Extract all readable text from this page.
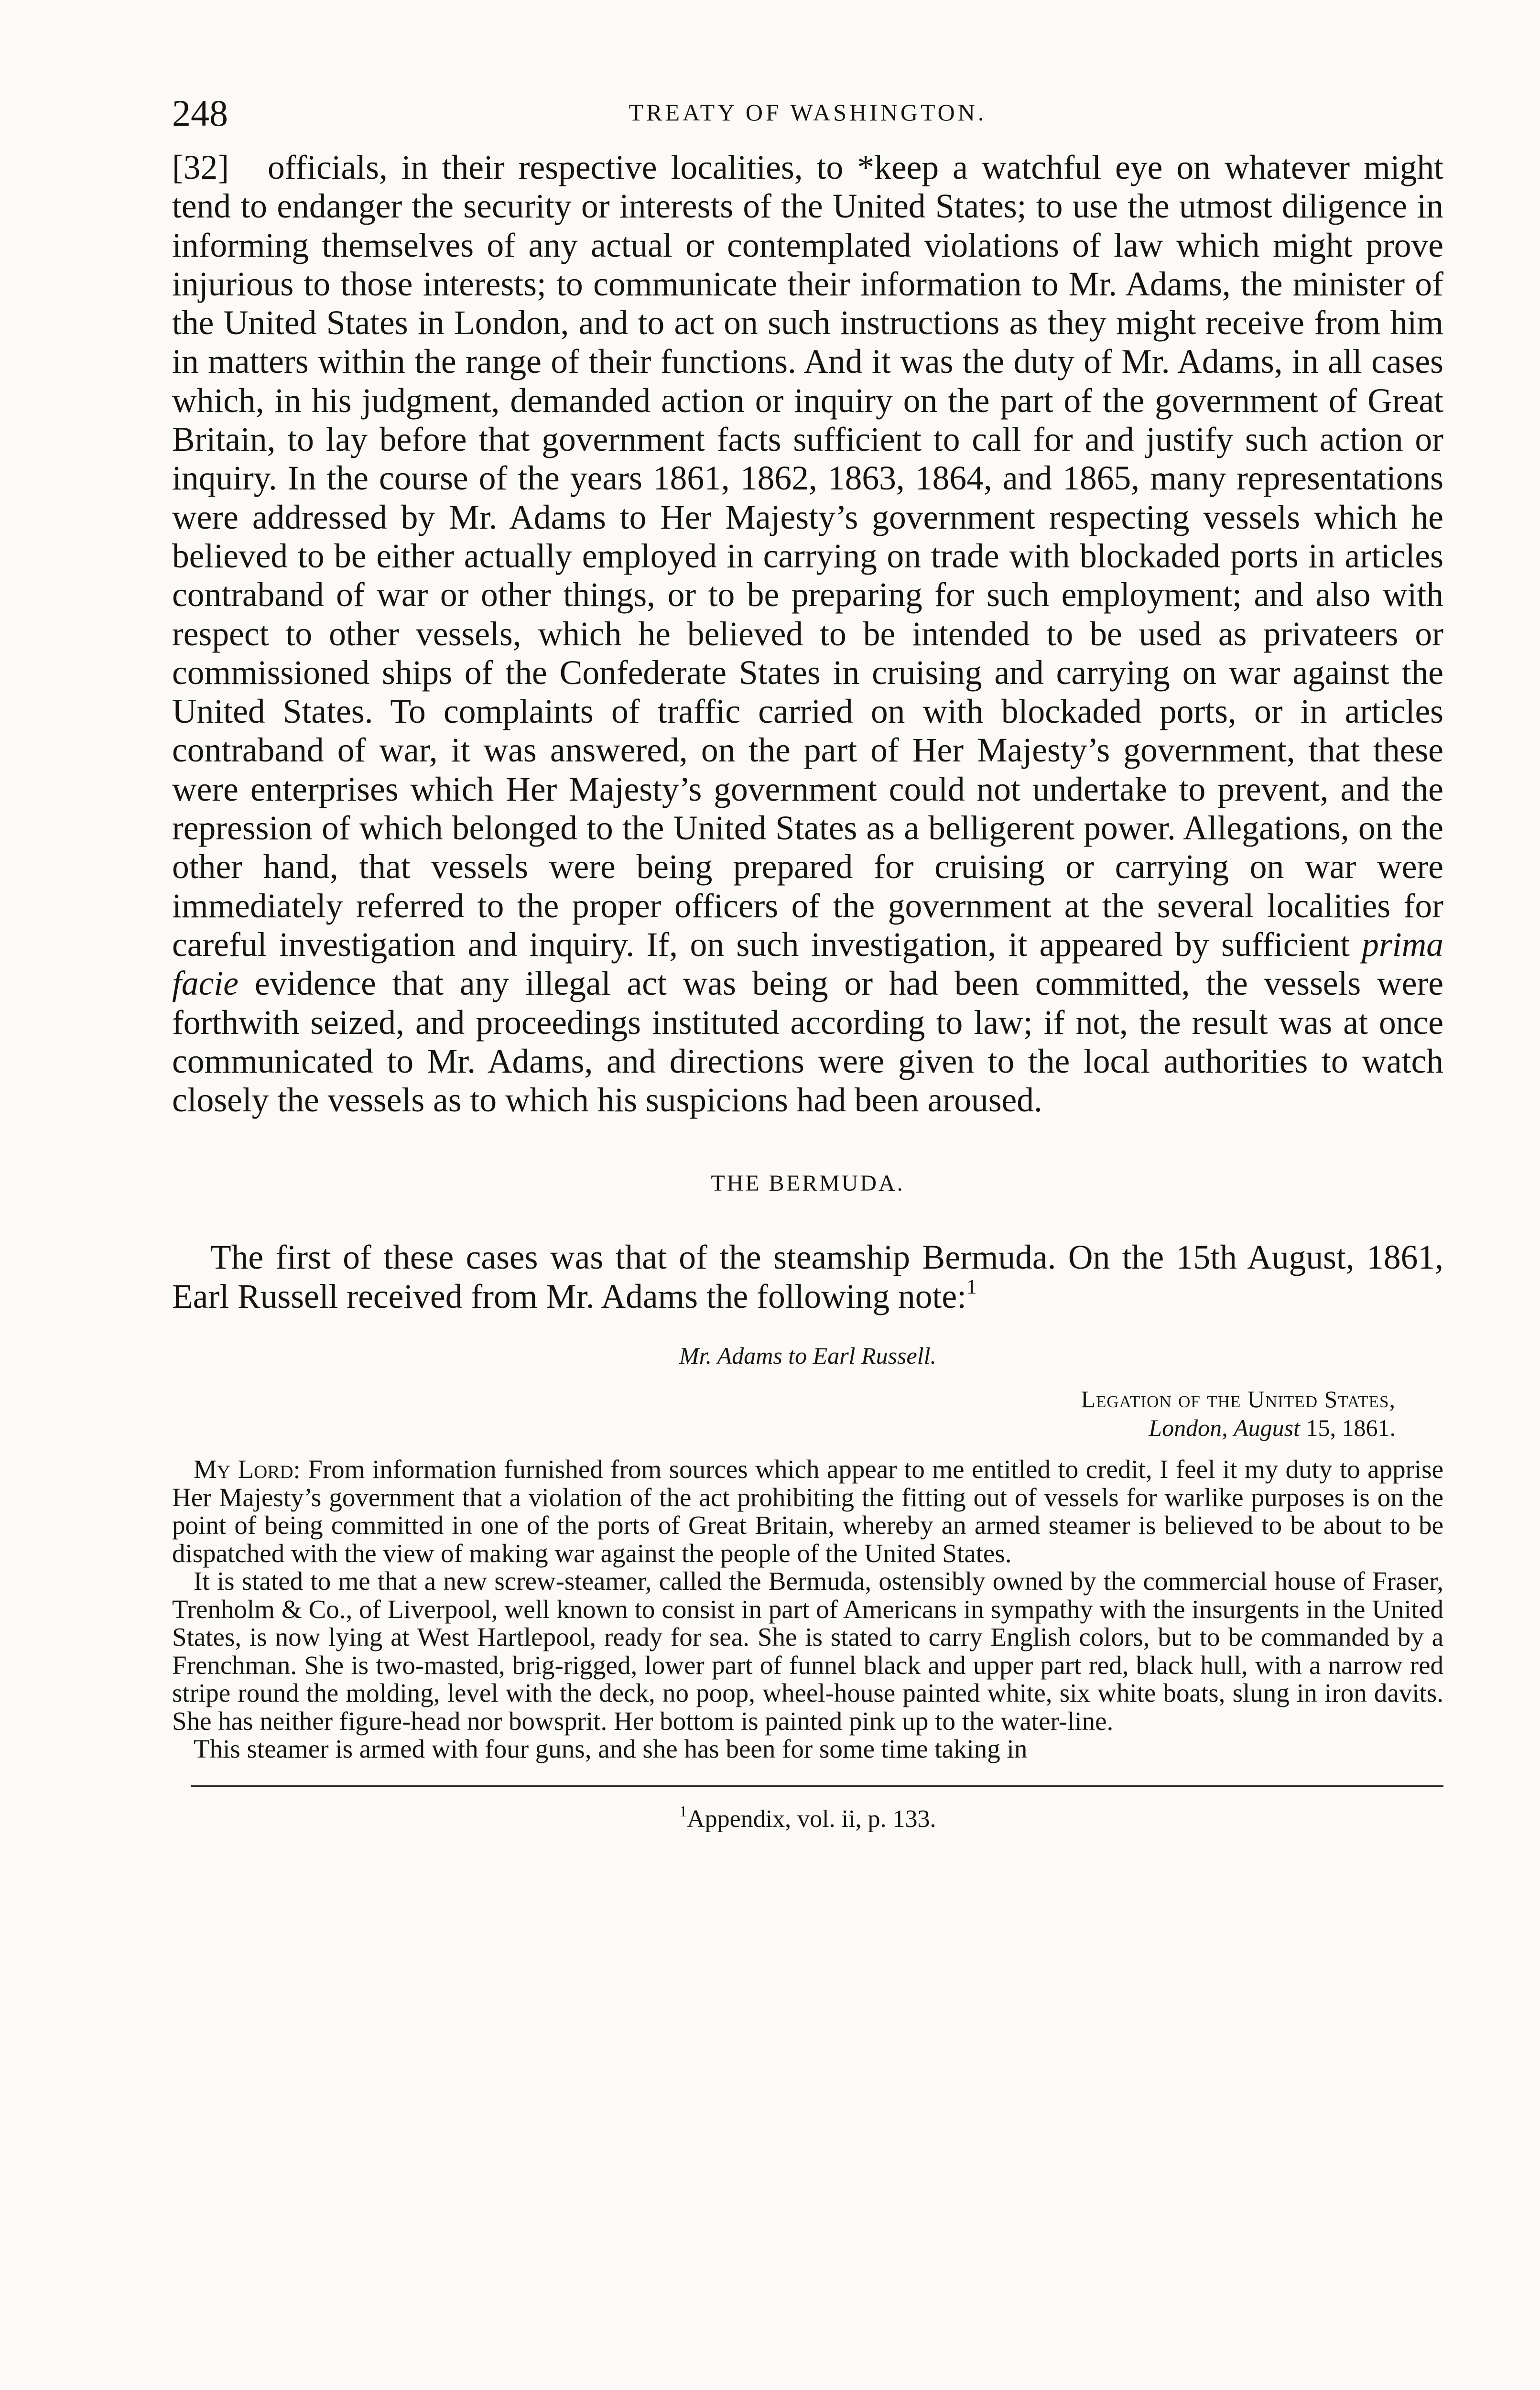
248	TREATY OF WASHINGTON.

[32]	officials, in their respective localities, to *keep a watchful eye on whatever might tend to endanger the security or interests of the United States; to use the utmost diligence in informing themselves of any actual or contemplated violations of law which might prove injurious to those interests; to communicate their information to Mr. Adams, the minister of the United States in London, and to act on such instructions as they might receive from him in matters within the range of their functions. And it was the duty of Mr. Adams, in all cases which, in his judgment, demanded action or inquiry on the part of the government of Great Britain, to lay before that government facts sufficient to call for and justify such action or inquiry. In the course of the years 1861, 1862, 1863, 1864, and 1865, many representations were addressed by Mr. Adams to Her Majesty’s government respecting vessels which he believed to be either actually employed in carrying on trade with blockaded ports in articles contraband of war or other things, or to be preparing for such employment; and also with respect to other vessels, which he believed to be intended to be used as privateers or commissioned ships of the Confederate States in cruising and carrying on war against the United States. To complaints of traffic carried on with blockaded ports, or in articles contraband of war, it was answered, on the part of Her Majesty’s government, that these were enterprises which Her Majesty’s government could not undertake to prevent, and the repression of which belonged to the United States as a belligerent power. Allegations, on the other hand, that vessels were being prepared for cruising or carrying on war were immediately referred to the proper officers of the government at the several localities for careful investigation and inquiry. If, on such investigation, it appeared by sufficient prima facie evidence that any illegal act was being or had been committed, the vessels were forthwith seized, and proceedings instituted according to law; if not, the result was at once communicated to Mr. Adams, and directions were given to the local authorities to watch closely the vessels as to which his suspicions had been aroused.

THE BERMUDA.

The first of these cases was that of the steamship Bermuda. On the 15th August, 1861, Earl Russell received from Mr. Adams the following note:$^1$

Mr. Adams to Earl Russell.
Legation of the United States,
London, August 15, 1861.

My Lord: From information furnished from sources which appear to me entitled to credit, I feel it my duty to apprise Her Majesty’s government that a violation of the act prohibiting the fitting out of vessels for warlike purposes is on the point of being committed in one of the ports of Great Britain, whereby an armed steamer is believed to be about to be dispatched with the view of making war against the people of the United States.

It is stated to me that a new screw-steamer, called the Bermuda, ostensibly owned by the commercial house of Fraser, Trenholm & Co., of Liverpool, well known to consist in part of Americans in sympathy with the insurgents in the United States, is now lying at West Hartlepool, ready for sea. She is stated to carry English colors, but to be commanded by a Frenchman. She is two-masted, brig-rigged, lower part of funnel black and upper part red, black hull, with a narrow red stripe round the molding, level with the deck, no poop, wheel-house painted white, six white boats, slung in iron davits. She has neither figure-head nor bowsprit. Her bottom is painted pink up to the water-line.

This steamer is armed with four guns, and she has been for some time taking in

$^1$Appendix, vol. ii, p. 133.
